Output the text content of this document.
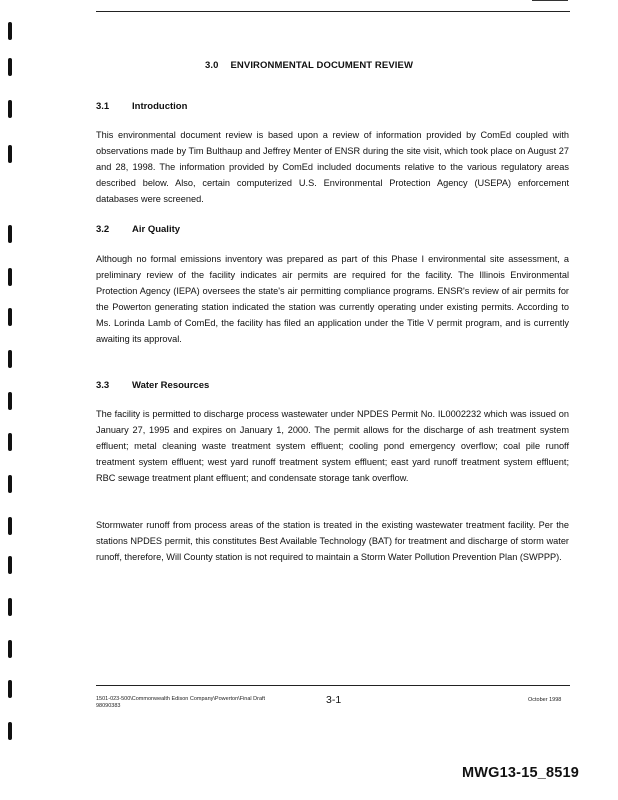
3.0 ENVIRONMENTAL DOCUMENT REVIEW
3.1 Introduction

This environmental document review is based upon a review of information provided by ComEd coupled with observations made by Tim Bulthaup and Jeffrey Menter of ENSR during the site visit, which took place on August 27 and 28, 1998. The information provided by ComEd included documents relative to the various regulatory areas described below. Also, certain computerized U.S. Environmental Protection Agency (USEPA) enforcement databases were screened.

3.2 Air Quality

Although no formal emissions inventory was prepared as part of this Phase I environmental site assessment, a preliminary review of the facility indicates air permits are required for the facility. The Illinois Environmental Protection Agency (IEPA) oversees the state's air permitting compliance programs. ENSR's review of air permits for the Powerton generating station indicated the station was currently operating under existing permits. According to Ms. Lorinda Lamb of ComEd, the facility has filed an application under the Title V permit program, and is currently awaiting its approval.

3.3 Water Resources

The facility is permitted to discharge process wastewater under NPDES Permit No. IL0002232 which was issued on January 27, 1995 and expires on January 1, 2000. The permit allows for the discharge of ash treatment system effluent; metal cleaning waste treatment system effluent; cooling pond emergency overflow; coal pile runoff treatment system effluent; west yard runoff treatment system effluent; east yard runoff treatment system effluent; RBC sewage treatment plant effluent; and condensate storage tank overflow.

Stormwater runoff from process areas of the station is treated in the existing wastewater treatment facility. Per the stations NPDES permit, this constitutes Best Available Technology (BAT) for treatment and discharge of storm water runoff, therefore, Will County station is not required to maintain a Storm Water Pollution Prevention Plan (SWPPP).

1501-023-500\Commonwealth Edison Company\Powerton\Final Draft
98090383	3-1	October 1998
MWG13-15_8519
